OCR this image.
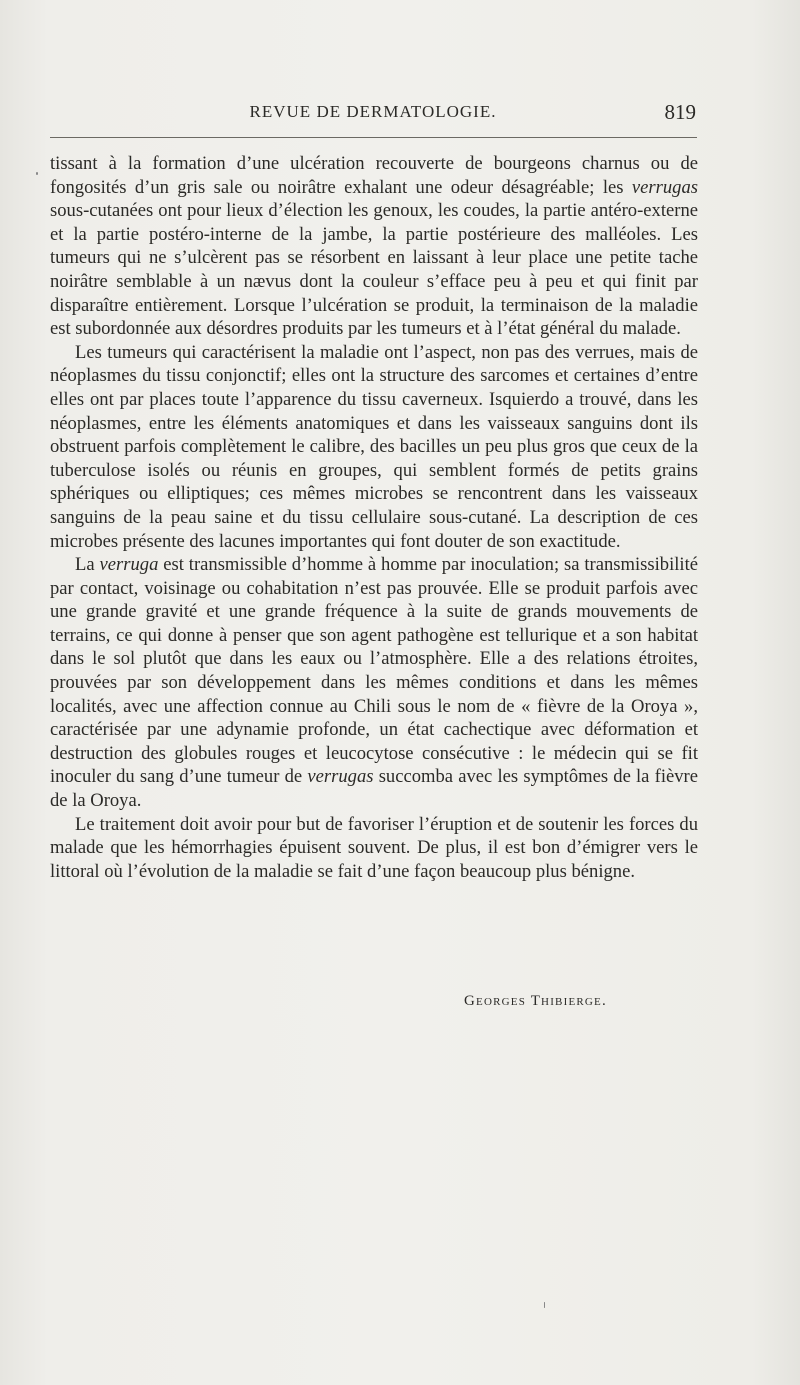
REVUE DE DERMATOLOGIE.	819

tissant à la formation d’une ulcération recouverte de bourgeons charnus ou de fongosités d’un gris sale ou noirâtre exhalant une odeur désagréable; les verrugas sous-cutanées ont pour lieux d’élection les genoux, les coudes, la partie antéro-externe et la partie postéro-interne de la jambe, la partie postérieure des malléoles. Les tumeurs qui ne s’ulcèrent pas se résorbent en laissant à leur place une petite tache noirâtre semblable à un nævus dont la couleur s’efface peu à peu et qui finit par disparaître entièrement. Lorsque l’ulcération se produit, la terminaison de la maladie est subordonnée aux désordres produits par les tumeurs et à l’état général du malade.

Les tumeurs qui caractérisent la maladie ont l’aspect, non pas des verrues, mais de néoplasmes du tissu conjonctif; elles ont la structure des sarcomes et certaines d’entre elles ont par places toute l’apparence du tissu caverneux. Isquierdo a trouvé, dans les néoplasmes, entre les éléments anatomiques et dans les vaisseaux sanguins dont ils obstruent parfois complètement le calibre, des bacilles un peu plus gros que ceux de la tuberculose isolés ou réunis en groupes, qui semblent formés de petits grains sphériques ou elliptiques; ces mêmes microbes se rencontrent dans les vaisseaux sanguins de la peau saine et du tissu cellulaire sous-cutané. La description de ces microbes présente des lacunes importantes qui font douter de son exactitude.

La verruga est transmissible d’homme à homme par inoculation; sa transmissibilité par contact, voisinage ou cohabitation n’est pas prouvée. Elle se produit parfois avec une grande gravité et une grande fréquence à la suite de grands mouvements de terrains, ce qui donne à penser que son agent pathogène est tellurique et a son habitat dans le sol plutôt que dans les eaux ou l’atmosphère. Elle a des relations étroites, prouvées par son développement dans les mêmes conditions et dans les mêmes localités, avec une affection connue au Chili sous le nom de « fièvre de la Oroya », caractérisée par une adynamie profonde, un état cachectique avec déformation et destruction des globules rouges et leucocytose consécutive : le médecin qui se fit inoculer du sang d’une tumeur de verrugas succomba avec les symptômes de la fièvre de la Oroya.

Le traitement doit avoir pour but de favoriser l’éruption et de soutenir les forces du malade que les hémorrhagies épuisent souvent. De plus, il est bon d’émigrer vers le littoral où l’évolution de la maladie se fait d’une façon beaucoup plus bénigne.

Georges Thibierge.
